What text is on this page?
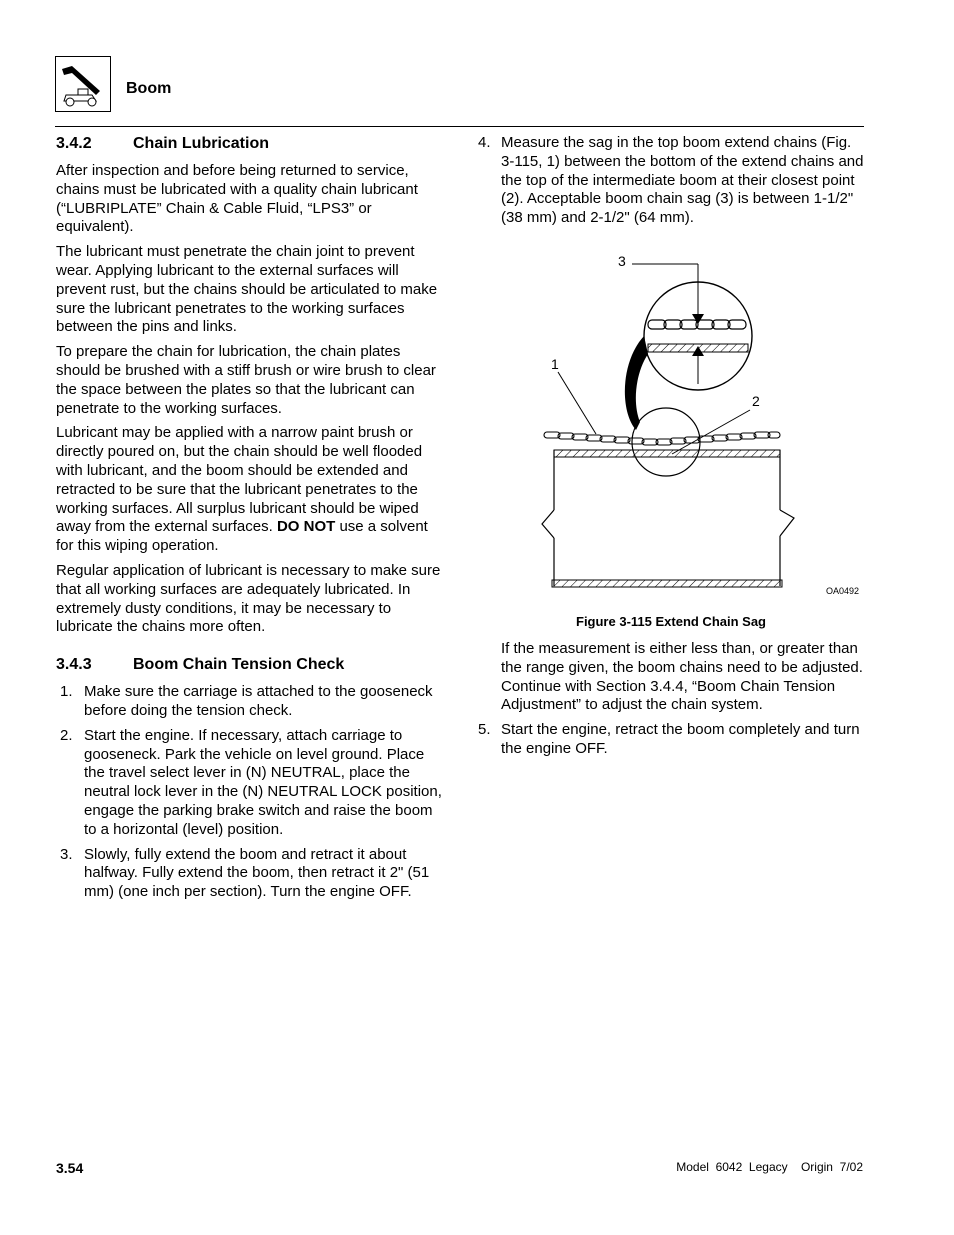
Boom
3.4.2	Chain Lubrication

After inspection and before being returned to service, chains must be lubricated with a quality chain lubricant (“LUBRIPLATE” Chain & Cable Fluid, “LPS3” or equivalent).

The lubricant must penetrate the chain joint to prevent wear. Applying lubricant to the external surfaces will prevent rust, but the chains should be articulated to make sure the lubricant penetrates to the working surfaces between the pins and links.

To prepare the chain for lubrication, the chain plates should be brushed with a stiff brush or wire brush to clear the space between the plates so that the lubricant can penetrate to the working surfaces.

Lubricant may be applied with a narrow paint brush or directly poured on, but the chain should be well flooded with lubricant, and the boom should be extended and retracted to be sure that the lubricant penetrates to the working surfaces. All surplus lubricant should be wiped away from the external surfaces. DO NOT use a solvent for this wiping operation.

Regular application of lubricant is necessary to make sure that all working surfaces are adequately lubricated. In extremely dusty conditions, it may be necessary to lubricate the chains more often.

3.4.3	Boom Chain Tension Check
1. Make sure the carriage is attached to the gooseneck before doing the tension check.
2. Start the engine. If necessary, attach carriage to gooseneck. Park the vehicle on level ground. Place the travel select lever in (N) NEUTRAL, place the neutral lock lever in the (N) NEUTRAL LOCK position, engage the parking brake switch and raise the boom to a horizontal (level) position.
3. Slowly, fully extend the boom and retract it about halfway. Fully extend the boom, then retract it 2" (51 mm) (one inch per section). Turn the engine OFF.
4. Measure the sag in the top boom extend chains (Fig. 3-115, 1) between the bottom of the extend chains and the top of the intermediate boom at their closest point (2). Acceptable boom chain sag (3) is between 1-1/2" (38 mm) and 2-1/2" (64 mm).
3
1
2
OA0492
Figure 3-115 Extend Chain Sag

If the measurement is either less than, or greater than the range given, the boom chains need to be adjusted. Continue with Section 3.4.4, “Boom Chain Tension Adjustment” to adjust the chain system.

5. Start the engine, retract the boom completely and turn the engine OFF.
3.54	Model  6042  Legacy    Origin  7/02
